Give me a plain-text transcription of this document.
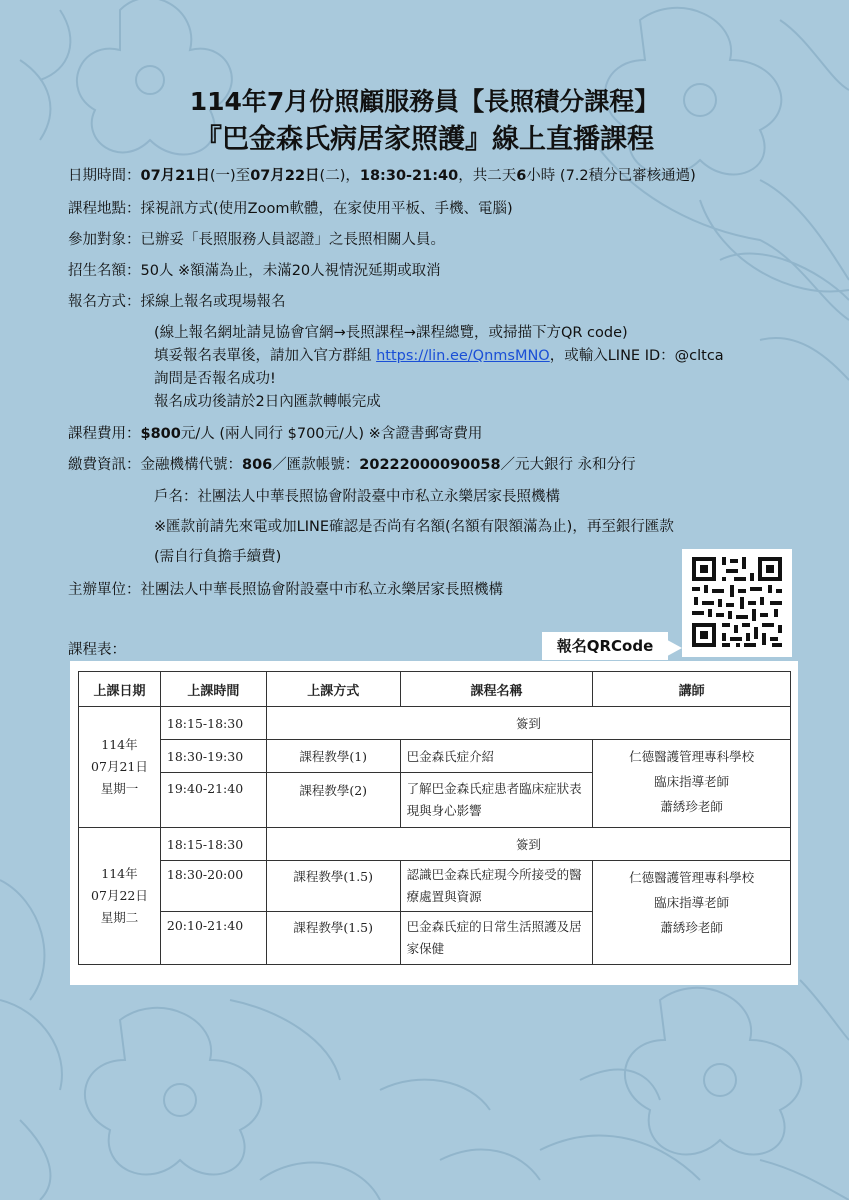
114年7月份照顧服務員【長照積分課程】
『巴金森氏病居家照護』線上直播課程
日期時間：07月21日(一)至07月22日(二)，18:30-21:40，共二天6小時 (7.2積分已審核通過)
課程地點：採視訊方式(使用Zoom軟體，在家使用平板、手機、電腦)
參加對象：已辦妥「長照服務人員認證」之長照相關人員。
招生名額：50人 ※額滿為止，未滿20人視情況延期或取消
報名方式：採線上報名或現場報名
(線上報名網址請見協會官網→長照課程→課程總覽，或掃描下方QR code)
填妥報名表單後，請加入官方群組 https://lin.ee/QnmsMNO，或輸入LINE ID：@cltca
詢問是否報名成功!
報名成功後請於2日內匯款轉帳完成
課程費用：$800元/人 (兩人同行 $700元/人) ※含證書郵寄費用
繳費資訊：金融機構代號：806／匯款帳號：20222000090058／元大銀行 永和分行
戶名：社團法人中華長照協會附設臺中市私立永樂居家長照機構
※匯款前請先來電或加LINE確認是否尚有名額(名額有限額滿為止)，再至銀行匯款
(需自行負擔手續費)
主辦單位：社團法人中華長照協會附設臺中市私立永樂居家長照機構
課程表：	報名QRCode
上課日期	上課時間	上課方式	課程名稱	講師

114年
07月21日
星期一	18:15-18:30	簽到		
	18:30-19:30	課程教學(1)	巴金森氏症介紹	仁德醫護管理專科學校
臨床指導老師
蕭綉珍老師

	19:40-21:40	課程教學(2)	了解巴金森氏症患者臨床症狀表現與身心影響	

114年
07月22日
星期二	18:15-18:30	簽到		
	18:30-20:00	課程教學(1.5)	認識巴金森氏症現今所接受的醫療處置與資源	仁德醫護管理專科學校
臨床指導老師
蕭綉珍老師

	20:10-21:40	課程教學(1.5)	巴金森氏症的日常生活照護及居家保健	
